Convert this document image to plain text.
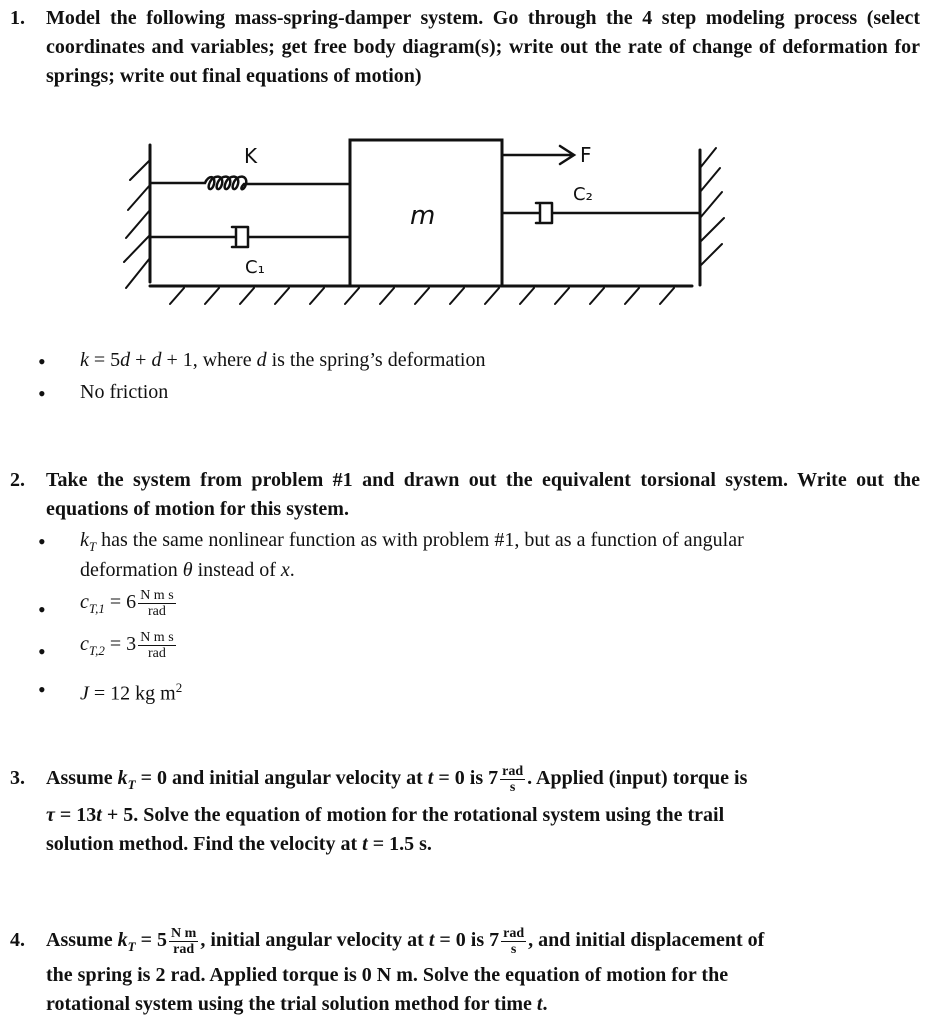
1. Model the following mass-spring-damper system. Go through the 4 step modeling process (select coordinates and variables; get free body diagram(s); write out the rate of change of deformation for springs; write out final equations of motion)
K
C₁
m
F
C₂
• k = 5d + d + 1, where d is the spring’s deformation
• No friction
2. Take the system from problem #1 and drawn out the equivalent torsional system. Write out the equations of motion for this system.
• $k_T$ has the same nonlinear function as with problem #1, but as a function of angular
deformation θ instead of x.
• $c_{T,1} = 6 \frac{\text{N m s}}{\text{rad}}$
• $c_{T,2} = 3 \frac{\text{N m s}}{\text{rad}}$
• J = 12 kg $m^2$
3. Assume $k_T = 0$ and initial angular velocity at t = 0 is $7 \frac{\text{rad}}{s}$ . Applied (input) torque is
τ = 13t + 5. Solve the equation of motion for the rotational system using the trail
solution method. Find the velocity at t = 1.5 s.
4. Assume $k_T = 5 \frac{\text{N m}}{\text{rad}}$ , initial angular velocity at t = 0 is $7 \frac{\text{rad}}{s}$ , and initial displacement of
the spring is 2 rad. Applied torque is 0 N m. Solve the equation of motion for the
rotational system using the trial solution method for time t.
